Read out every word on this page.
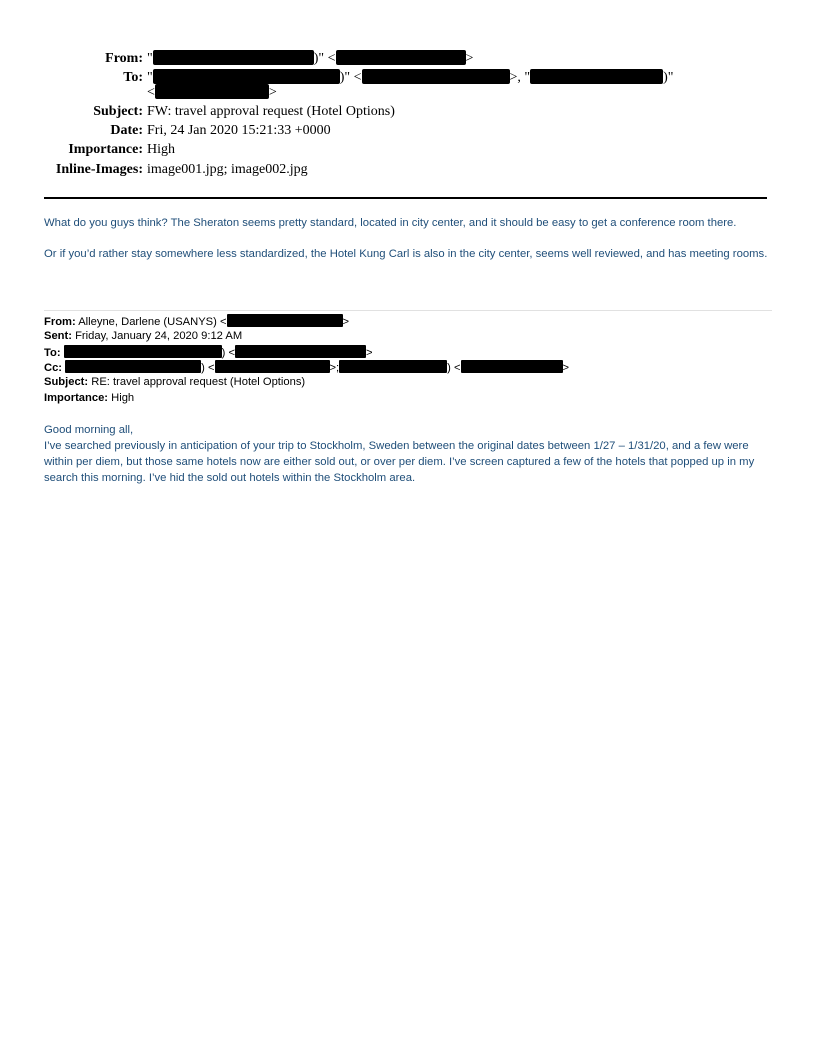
From: "	)" <	>
To: "	)" <	>, "	)"
<	>
Subject: FW: travel approval request (Hotel Options)
Date: Fri, 24 Jan 2020 15:21:33 +0000
Importance: High
Inline-Images: image001.jpg; image002.jpg
What do you guys think? The Sheraton seems pretty standard, located in city center, and it should be easy to get a conference room there.
Or if you’d rather stay somewhere less standardized, the Hotel Kung Carl is also in the city center, seems well reviewed, and has meeting rooms.
From: Alleyne, Darlene (USANYS) <	>
Sent: Friday, January 24, 2020 9:12 AM
To:	) <	>
Cc:	) <	>;	) <	>
Subject: RE: travel approval request (Hotel Options)
Importance: High
Good morning all,
I’ve searched previously in anticipation of your trip to Stockholm, Sweden between the original dates between 1/27 – 1/31/20, and a few were within per diem, but those same hotels now are either sold out, or over per diem. I’ve screen captured a few of the hotels that popped up in my search this morning. I’ve hid the sold out hotels within the Stockholm area.
